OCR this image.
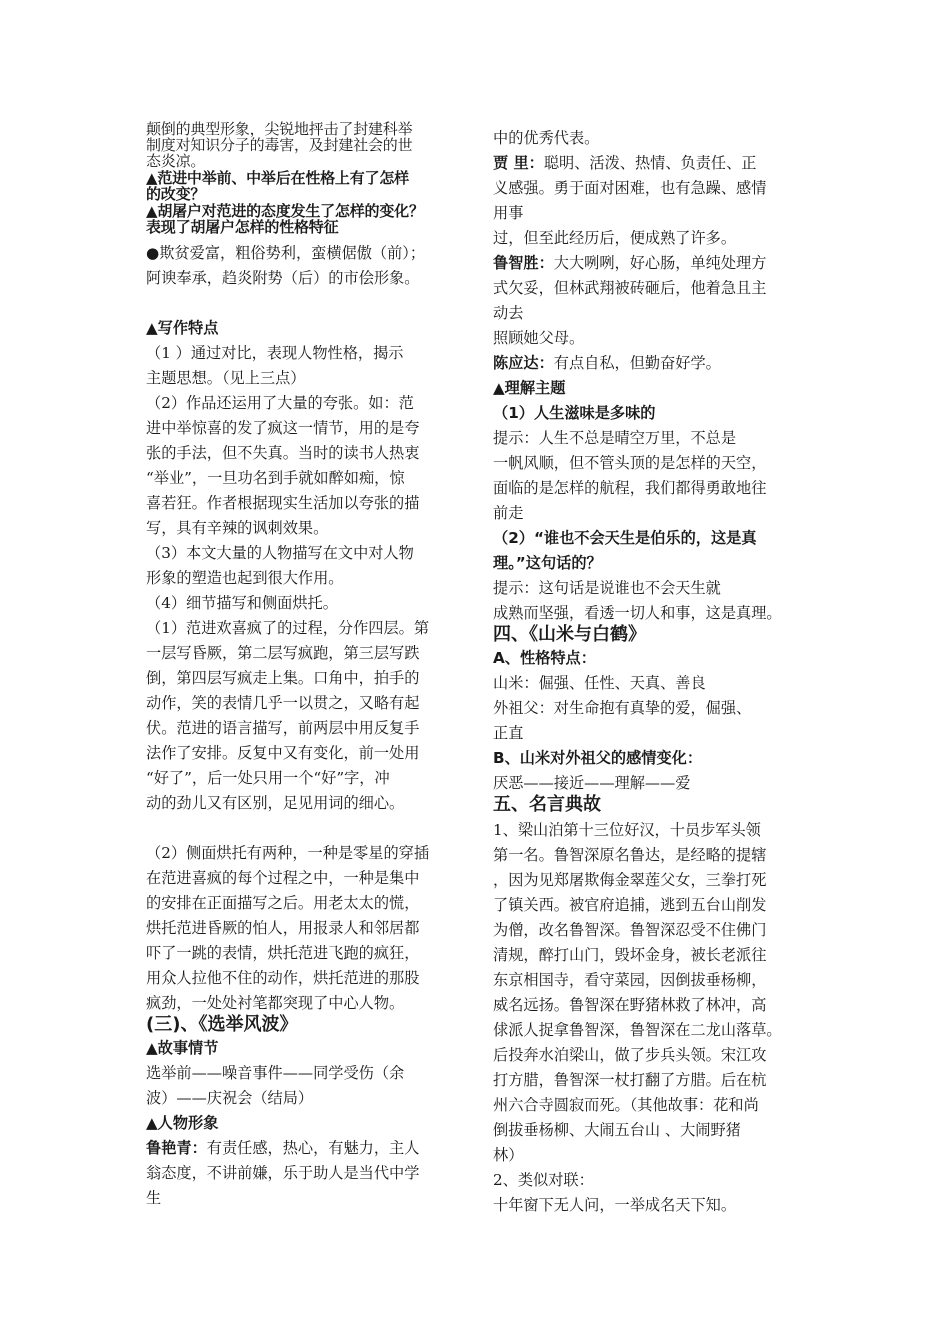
颠倒的典型形象，尖锐地抨击了封建科举
制度对知识分子的毒害，及封建社会的世
态炎凉。
▲范进中举前、中举后在性格上有了怎样
的改变？
▲胡屠户对范进的态度发生了怎样的变化？
表现了胡屠户怎样的性格特征
●欺贫爱富，粗俗势利，蛮横倨傲（前）；
阿谀奉承，趋炎附势（后）的市侩形象。
▲写作特点
（1 ）通过对比，表现人物性格，揭示
主题思想。（见上三点）
（2）作品还运用了大量的夸张。如：范
进中举惊喜的发了疯这一情节，用的是夸
张的手法，但不失真。当时的读书人热衷
“举业”，一旦功名到手就如醉如痴，惊
喜若狂。作者根据现实生活加以夸张的描
写，具有辛辣的讽刺效果。
（3）本文大量的人物描写在文中对人物
形象的塑造也起到很大作用。
（4）细节描写和侧面烘托。
（1）范进欢喜疯了的过程，分作四层。第
一层写昏厥，第二层写疯跑，第三层写跌
倒，第四层写疯走上集。口角中，拍手的
动作，笑的表情几乎一以贯之，又略有起
伏。范进的语言描写，前两层中用反复手
法作了安排。反复中又有变化，前一处用
“好了”，后一处只用一个“好”字，冲
动的劲儿又有区别，足见用词的细心。
（2）侧面烘托有两种，一种是零星的穿插
在范进喜疯的每个过程之中，一种是集中
的安排在正面描写之后。用老太太的慌，
烘托范进昏厥的怕人，用报录人和邻居都
吓了一跳的表情，烘托范进飞跑的疯狂，
用众人拉他不住的动作，烘托范进的那股
疯劲，一处处衬笔都突现了中心人物。
(三)、《选举风波》
▲故事情节
选举前——噪音事件——同学受伤（余
波）——庆祝会（结局）
▲人物形象
鲁艳青：有责任感，热心，有魅力，主人
翁态度，不讲前嫌，乐于助人是当代中学
生
中的优秀代表。
贾 里：聪明、活泼、热情、负责任、正
义感强。勇于面对困难，也有急躁、感情
用事
过，但至此经历后，便成熟了许多。
鲁智胜：大大咧咧，好心肠，单纯处理方
式欠妥，但林武翔被砖砸后，他着急且主
动去
照顾她父母。
陈应达：有点自私，但勤奋好学。
▲理解主题
（1）人生滋味是多味的
提示：人生不总是晴空万里，不总是
一帆风顺，但不管头顶的是怎样的天空，
面临的是怎样的航程，我们都得勇敢地往
前走
（2）“谁也不会天生是伯乐的，这是真
理。”这句话的？
提示：这句话是说谁也不会天生就
成熟而坚强，看透一切人和事，这是真理。
四、《山米与白鹤》
A、性格特点：
山米：倔强、任性、天真、善良
外祖父：对生命抱有真挚的爱，倔强、
正直
B、山米对外祖父的感情变化：
厌恶——接近——理解——爱
五、名言典故
1、梁山泊第十三位好汉，十员步军头领
第一名。鲁智深原名鲁达，是经略的提辖
，因为见郑屠欺侮金翠莲父女，三拳打死
了镇关西。被官府追捕，逃到五台山削发
为僧，改名鲁智深。鲁智深忍受不住佛门
清规，醉打山门，毁坏金身，被长老派往
东京相国寺，看守菜园，因倒拔垂杨柳，
威名远扬。鲁智深在野猪林救了林冲，高
俅派人捉拿鲁智深，鲁智深在二龙山落草。
后投奔水泊梁山，做了步兵头领。宋江攻
打方腊，鲁智深一杖打翻了方腊。后在杭
州六合寺圆寂而死。（其他故事：花和尚
倒拔垂杨柳、大闹五台山 、大闹野猪
林）
2、类似对联：
十年窗下无人问，一举成名天下知。
